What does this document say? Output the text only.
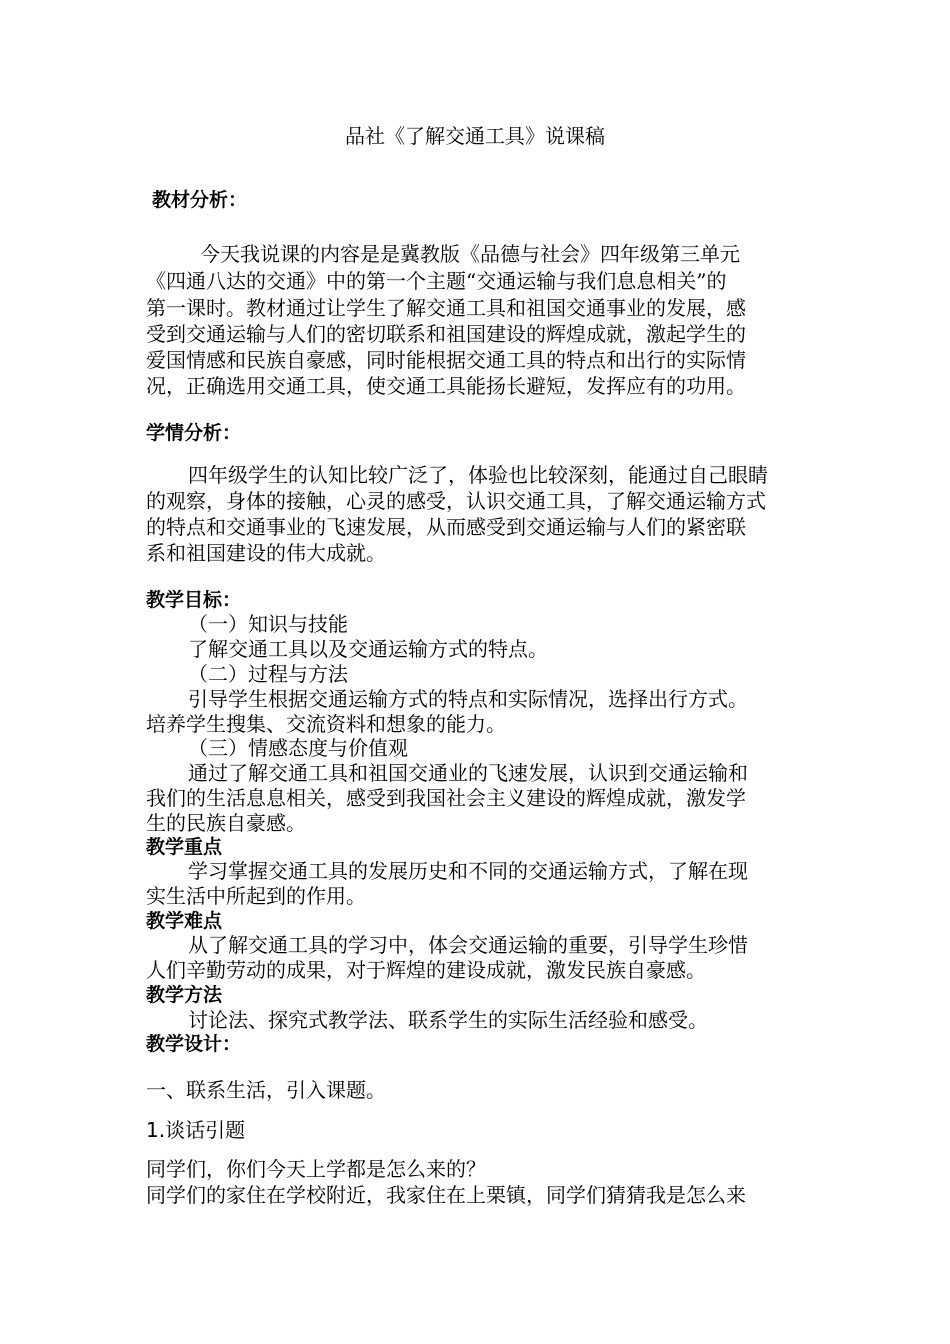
品社《了解交通工具》说课稿
教材分析：
今天我说课的内容是是冀教版《品德与社会》四年级第三单元
《四通八达的交通》中的第一个主题“交通运输与我们息息相关”的
第一课时。教材通过让学生了解交通工具和祖国交通事业的发展，感
受到交通运输与人们的密切联系和祖国建设的辉煌成就，激起学生的
爱国情感和民族自豪感，同时能根据交通工具的特点和出行的实际情
况，正确选用交通工具，使交通工具能扬长避短，发挥应有的功用。
学情分析：
四年级学生的认知比较广泛了，体验也比较深刻，能通过自己眼睛
的观察，身体的接触，心灵的感受，认识交通工具，了解交通运输方式
的特点和交通事业的飞速发展，从而感受到交通运输与人们的紧密联
系和祖国建设的伟大成就。
教学目标：
（一）知识与技能
了解交通工具以及交通运输方式的特点。
（二）过程与方法
引导学生根据交通运输方式的特点和实际情况，选择出行方式。
培养学生搜集、交流资料和想象的能力。
（三）情感态度与价值观
通过了解交通工具和祖国交通业的飞速发展，认识到交通运输和
我们的生活息息相关，感受到我国社会主义建设的辉煌成就，激发学
生的民族自豪感。
教学重点
学习掌握交通工具的发展历史和不同的交通运输方式，了解在现
实生活中所起到的作用。
教学难点
从了解交通工具的学习中，体会交通运输的重要，引导学生珍惜
人们辛勤劳动的成果，对于辉煌的建设成就，激发民族自豪感。
教学方法
讨论法、探究式教学法、联系学生的实际生活经验和感受。
教学设计：
一、联系生活，引入课题。
1.谈话引题
同学们，你们今天上学都是怎么来的？
同学们的家住在学校附近，我家住在上栗镇，同学们猜猜我是怎么来
